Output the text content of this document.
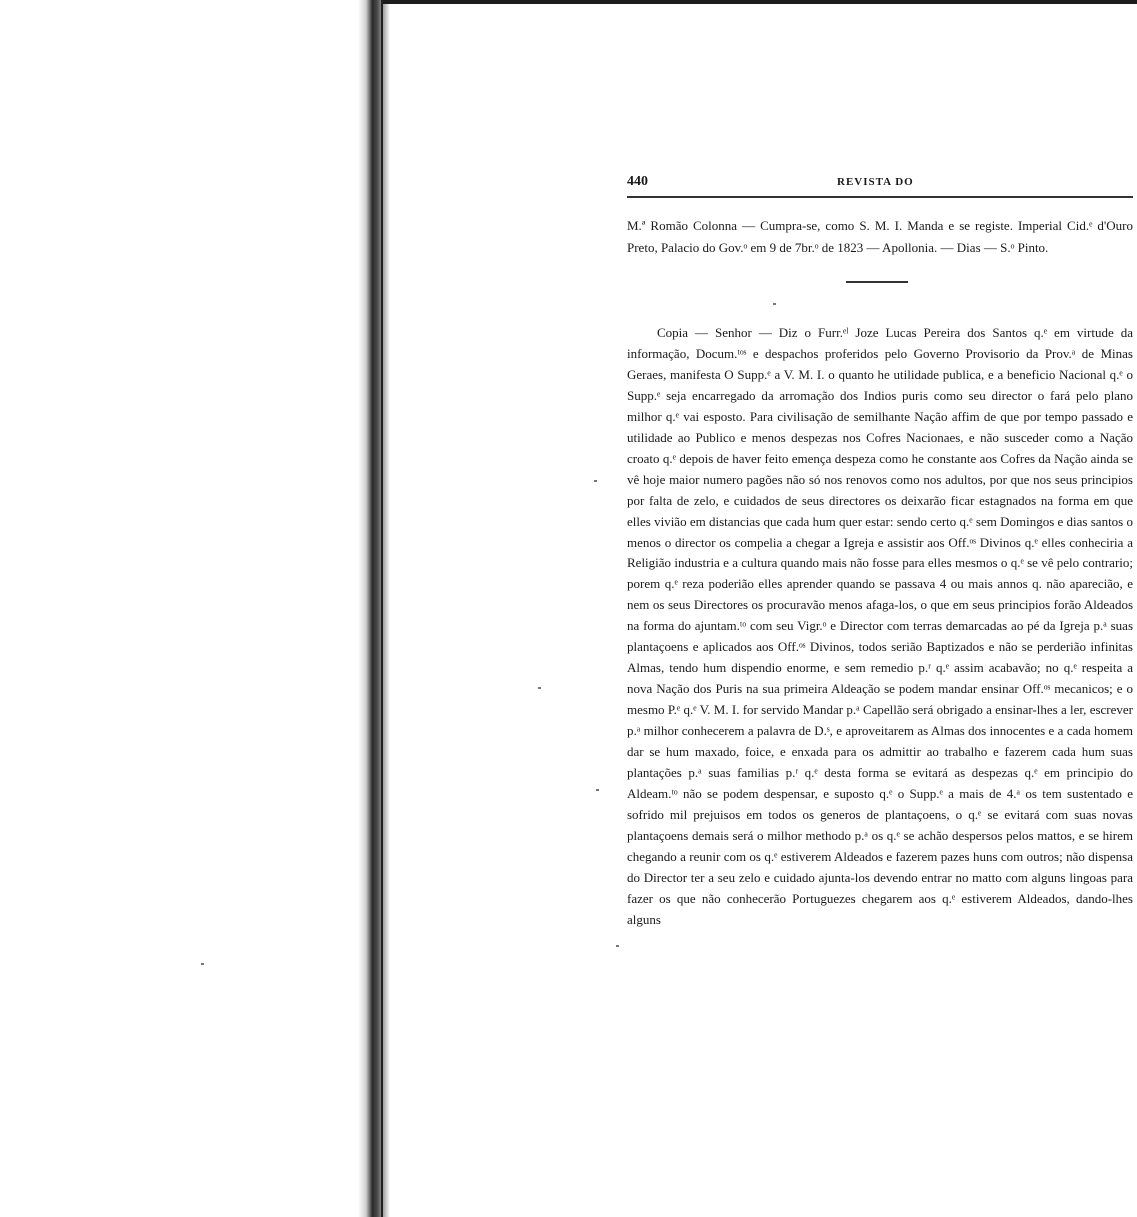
440	REVISTA DO

M.ª Romão Colonna — Cumpra-se, como S. M. I. Manda e se registe. Imperial Cid.ᵉ d'Ouro Preto, Palacio do Gov.ᵒ em 9 de 7br.ᵒ de 1823 — Apollonia. — Dias — S.ᵒ Pinto.

Copia — Senhor — Diz o Furr.ᵉˡ Joze Lucas Pereira dos Santos q.ᵉ em virtude da informação, Docum.ᵗᵒˢ e despachos proferidos pelo Governo Provisorio da Prov.ᵃ de Minas Geraes, manifesta O Supp.ᵉ a V. M. I. o quanto he utilidade publica, e a beneficio Nacional q.ᵉ o Supp.ᵉ seja encarregado da arromação dos Indios puris como seu director o fará pelo plano milhor q.ᵉ vai esposto. Para civilisação de semilhante Nação affim de que por tempo passado e utilidade ao Publico e menos despezas nos Cofres Nacionaes, e não susceder como a Nação croato q.ᵉ depois de haver feito emença despeza como he constante aos Cofres da Nação ainda se vê hoje maior numero pagões não só nos renovos como nos adultos, por que nos seus principios por falta de zelo, e cuidados de seus directores os deixarão ficar estagnados na forma em que elles vivião em distancias que cada hum quer estar: sendo certo q.ᵉ sem Domingos e dias santos o menos o director os compelia a chegar a Igreja e assistir aos Off.ᵒˢ Divinos q.ᵉ elles conheciria a Religião industria e a cultura quando mais não fosse para elles mesmos o q.ᵉ se vê pelo contrario; porem q.ᵉ reza poderião elles aprender quando se passava 4 ou mais annos q. não aparecião, e nem os seus Directores os procuravão menos afaga-los, o que em seus principios forão Aldeados na forma do ajuntam.ᵗᵒ com seu Vigr.ᵒ e Director com terras demarcadas ao pé da Igreja p.ᵃ suas plantaçoens e aplicados aos Off.ᵒˢ Divinos, todos serião Baptizados e não se perderião infinitas Almas, tendo hum dispendio enorme, e sem remedio p.ʳ q.ᵉ assim acabavão; no q.ᵉ respeita a nova Nação dos Puris na sua primeira Aldeação se podem mandar ensinar Off.ᵒˢ mecanicos; e o mesmo P.ᵉ q.ᵉ V. M. I. for servido Mandar p.ᵃ Capellão será obrigado a ensinar-lhes a ler, escrever p.ᵃ milhor conhecerem a palavra de D.ˢ, e aproveitarem as Almas dos innocentes e a cada homem dar se hum maxado, foice, e enxada para os admittir ao trabalho e fazerem cada hum suas plantações p.ᵃ suas familias p.ʳ q.ᵉ desta forma se evitará as despezas q.ᵉ em principio do Aldeam.ᵗᵒ não se podem despensar, e suposto q.ᵉ o Supp.ᵉ a mais de 4.ᵃ os tem sustentado e sofrido mil prejuisos em todos os generos de plantaçoens, o q.ᵉ se evitará com suas novas plantaçoens demais será o milhor methodo p.ᵃ os q.ᵉ se achão despersos pelos mattos, e se hirem chegando a reunir com os q.ᵉ estiverem Aldeados e fazerem pazes huns com outros; não dispensa do Director ter a seu zelo e cuidado ajunta-los devendo entrar no matto com alguns lingoas para fazer os que não conhecerão Portuguezes chegarem aos q.ᵉ estiverem Aldeados, dando-lhes alguns
